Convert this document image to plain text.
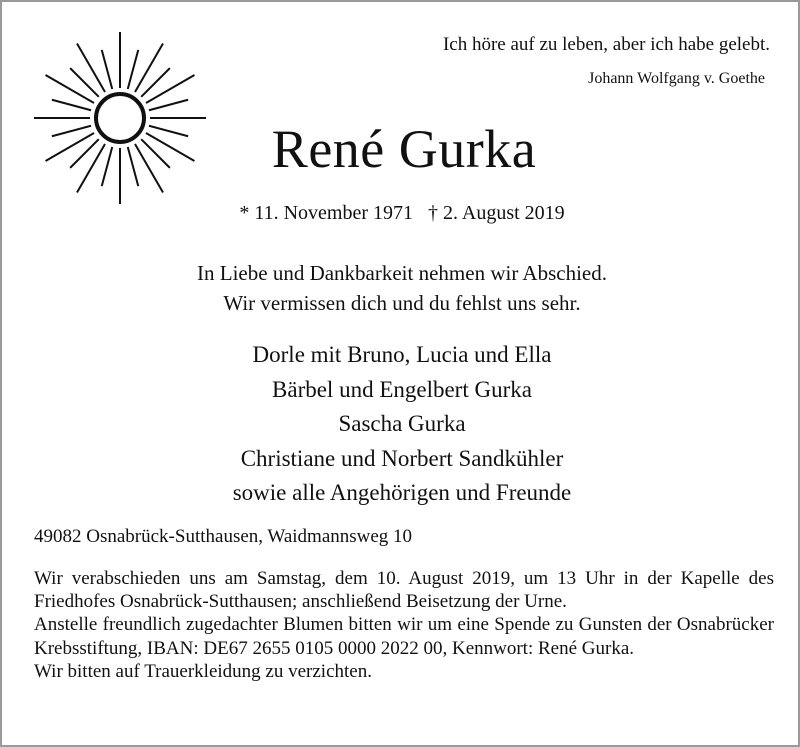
Ich höre auf zu leben, aber ich habe gelebt.
Johann Wolfgang v. Goethe
René Gurka
* 11. November 1971 † 2. August 2019
In Liebe und Dankbarkeit nehmen wir Abschied.
Wir vermissen dich und du fehlst uns sehr.
Dorle mit Bruno, Lucia und Ella
Bärbel und Engelbert Gurka
Sascha Gurka
Christiane und Norbert Sandkühler
sowie alle Angehörigen und Freunde
49082 Osnabrück-Sutthausen, Waidmannsweg 10
Wir verabschieden uns am Samstag, dem 10. August 2019, um 13 Uhr in der Kapelle des Friedhofes Osnabrück-Sutthausen; anschließend Beisetzung der Urne.
Anstelle freundlich zugedachter Blumen bitten wir um eine Spende zu Gunsten der Osnabrücker Krebsstiftung, IBAN: DE67 2655 0105 0000 2022 00, Kennwort: René Gurka.
Wir bitten auf Trauerkleidung zu verzichten.
